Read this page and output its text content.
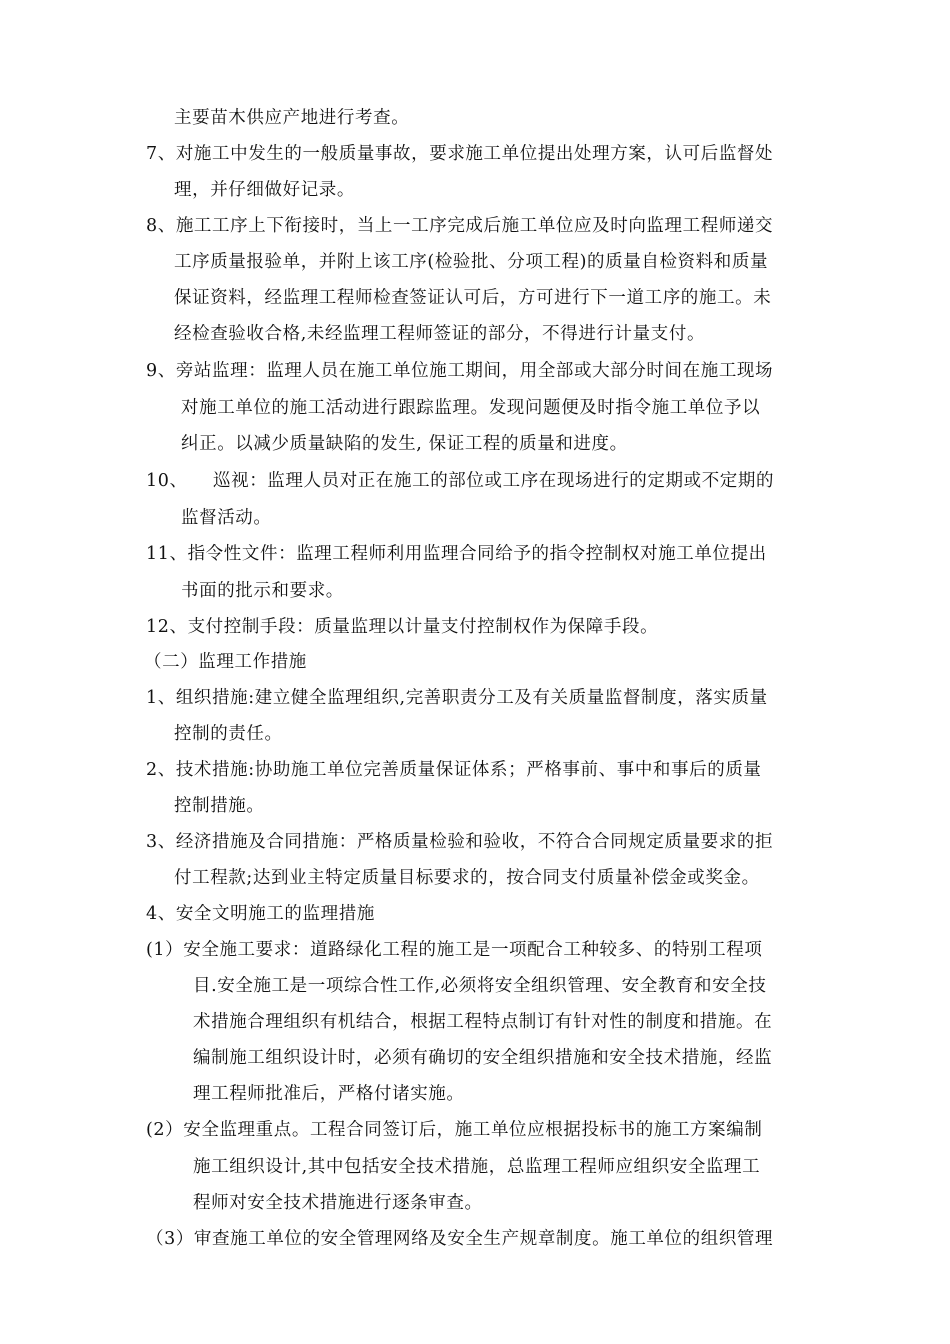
主要苗木供应产地进行考查。
7、对施工中发生的一般质量事故，要求施工单位提出处理方案，认可后监督处
理，并仔细做好记录。
8、施工工序上下衔接时，当上一工序完成后施工单位应及时向监理工程师递交
工序质量报验单，并附上该工序(检验批、分项工程)的质量自检资料和质量
保证资料，经监理工程师检查签证认可后，方可进行下一道工序的施工。未
经检查验收合格,未经监理工程师签证的部分，不得进行计量支付。
9、旁站监理：监理人员在施工单位施工期间，用全部或大部分时间在施工现场
对施工单位的施工活动进行跟踪监理。发现问题便及时指令施工单位予以
纠正。以减少质量缺陷的发生, 保证工程的质量和进度。
10、 巡视：监理人员对正在施工的部位或工序在现场进行的定期或不定期的
监督活动。
11、指令性文件：监理工程师利用监理合同给予的指令控制权对施工单位提出
书面的批示和要求。
12、支付控制手段：质量监理以计量支付控制权作为保障手段。
（二）监理工作措施
1、组织措施:建立健全监理组织,完善职责分工及有关质量监督制度，落实质量
控制的责任。
2、技术措施:协助施工单位完善质量保证体系；严格事前、事中和事后的质量
控制措施。
3、经济措施及合同措施：严格质量检验和验收，不符合合同规定质量要求的拒
付工程款;达到业主特定质量目标要求的，按合同支付质量补偿金或奖金。
4、安全文明施工的监理措施
(1）安全施工要求：道路绿化工程的施工是一项配合工种较多、的特别工程项
目.安全施工是一项综合性工作,必须将安全组织管理、安全教育和安全技
术措施合理组织有机结合，根据工程特点制订有针对性的制度和措施。在
编制施工组织设计时，必须有确切的安全组织措施和安全技术措施，经监
理工程师批准后，严格付诸实施。
(2）安全监理重点。工程合同签订后，施工单位应根据投标书的施工方案编制
施工组织设计,其中包括安全技术措施，总监理工程师应组织安全监理工
程师对安全技术措施进行逐条审查。
（3）审查施工单位的安全管理网络及安全生产规章制度。施工单位的组织管理
